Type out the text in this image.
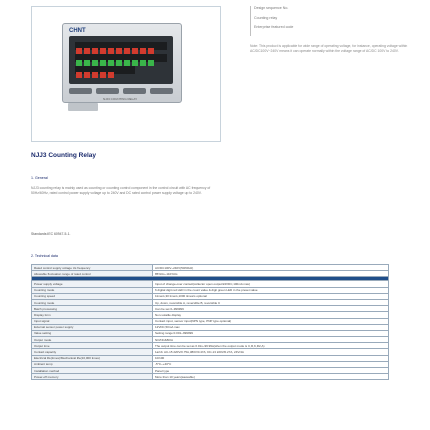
CHNT
NJJ3 COUNTING RELAY
Design sequence No.
Counting relay
Enterprise featured code
Note: This product is applicable for wide range of operating voltage, for instance, operating voltage within AC/DC100V~240V means it can operate normally within the voltage range of AC/DC 100V to 240V.
NJJ3 Counting Relay
1. General
NJJ3 counting relay is mainly used as counting or counting control component in the control circuit with AC frequency of 50Hz/60Hz, rated control power supply voltage up to 240V and DC rated control power supply voltage up to 240V.
Standards:IEC 60947-5-1.
2. Technical data
Rated control supply voltage Us frequency	AC/DC100V~240V(50/60Hz)
Allowable fluctuation range of rated control	85%Us~110%Us

Power supply voltage	Input of change-over contact(collector open output/24VDC,100mA max)
Counting mode	6 digital digit red LED in the count value & digit green LED in the preset value
Counting speed	1time/s,30 time/s,1000 times/s optional
Counting mode	Up, down, reversible A, reversible B, reversible C
Batch processing	Can be set 0~999999
Display form	Non-volatile display
Input signal	Contact input, sensor input(NPN type, PNP type optional)
External sensor power supply	12VDC,50mA max
Value setting	Setting range:0.001~999999
Output mode	NO/NC&BOA
Output time	The output time can be set as 0.01s~99.99s(when the output mode is C,R,K,R2,A)
Contact capacity	1a/1b: AC-15 220V/0.75A,380V/0.47A; DC-13 220V/0.27A, 24V/4A
Electrical life(times)/Mechanical life(10,000 times)	10/100
Ambient temp	-5°C~+40°C
Installation method	Panel type
Power-off memory	More than 10 years(saveable)
